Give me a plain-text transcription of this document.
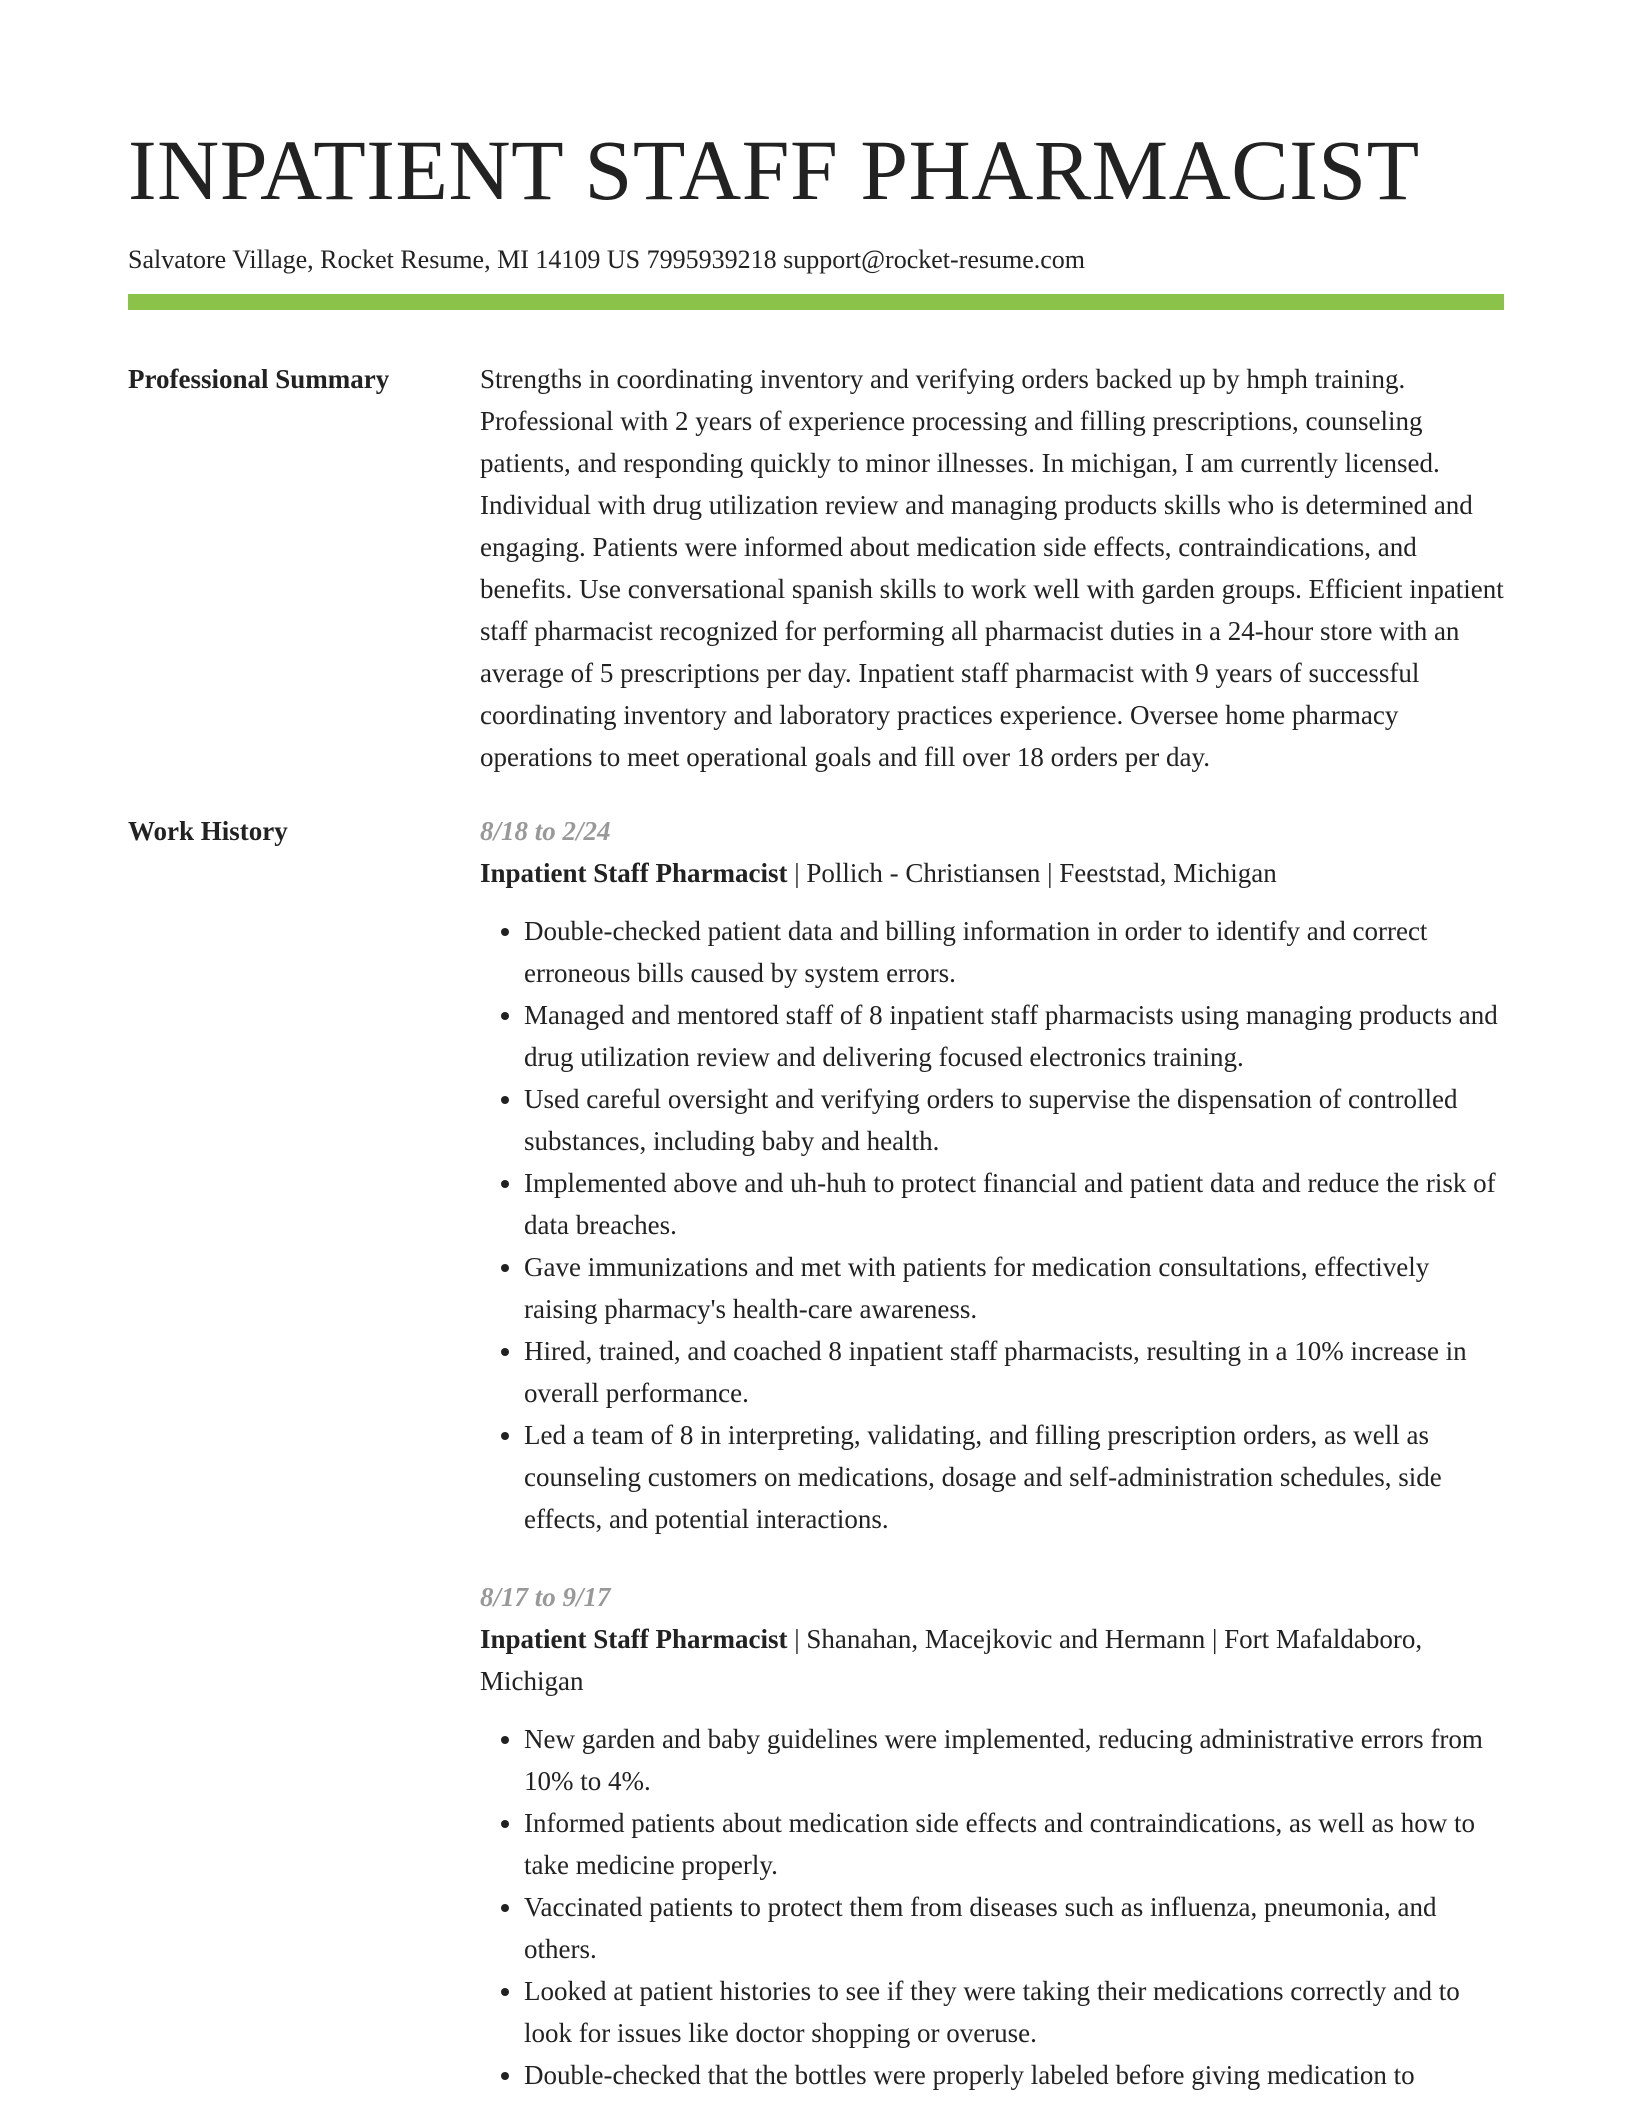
INPATIENT STAFF PHARMACIST
Salvatore Village, Rocket Resume, MI 14109 US 7995939218 support@rocket-resume.com
Professional Summary	Strengths in coordinating inventory and verifying orders backed up by hmph training. Professional with 2 years of experience processing and filling prescriptions, counseling patients, and responding quickly to minor illnesses. In michigan, I am currently licensed. Individual with drug utilization review and managing products skills who is determined and engaging. Patients were informed about medication side effects, contraindications, and benefits. Use conversational spanish skills to work well with garden groups. Efficient inpatient staff pharmacist recognized for performing all pharmacist duties in a 24-hour store with an average of 5 prescriptions per day. Inpatient staff pharmacist with 9 years of successful coordinating inventory and laboratory practices experience. Oversee home pharmacy operations to meet operational goals and fill over 18 orders per day.

Work History	8/18 to 2/24
Inpatient Staff Pharmacist | Pollich - Christiansen | Feeststad, Michigan
• Double-checked patient data and billing information in order to identify and correct erroneous bills caused by system errors.
• Managed and mentored staff of 8 inpatient staff pharmacists using managing products and drug utilization review and delivering focused electronics training.
• Used careful oversight and verifying orders to supervise the dispensation of controlled substances, including baby and health.
• Implemented above and uh-huh to protect financial and patient data and reduce the risk of data breaches.
• Gave immunizations and met with patients for medication consultations, effectively raising pharmacy's health-care awareness.
• Hired, trained, and coached 8 inpatient staff pharmacists, resulting in a 10% increase in overall performance.
• Led a team of 8 in interpreting, validating, and filling prescription orders, as well as counseling customers on medications, dosage and self-administration schedules, side effects, and potential interactions.
8/17 to 9/17
Inpatient Staff Pharmacist | Shanahan, Macejkovic and Hermann | Fort Mafaldaboro, Michigan
• New garden and baby guidelines were implemented, reducing administrative errors from 10% to 4%.
• Informed patients about medication side effects and contraindications, as well as how to take medicine properly.
• Vaccinated patients to protect them from diseases such as influenza, pneumonia, and others.
• Looked at patient histories to see if they were taking their medications correctly and to look for issues like doctor shopping or overuse.
• Double-checked that the bottles were properly labeled before giving medication to
